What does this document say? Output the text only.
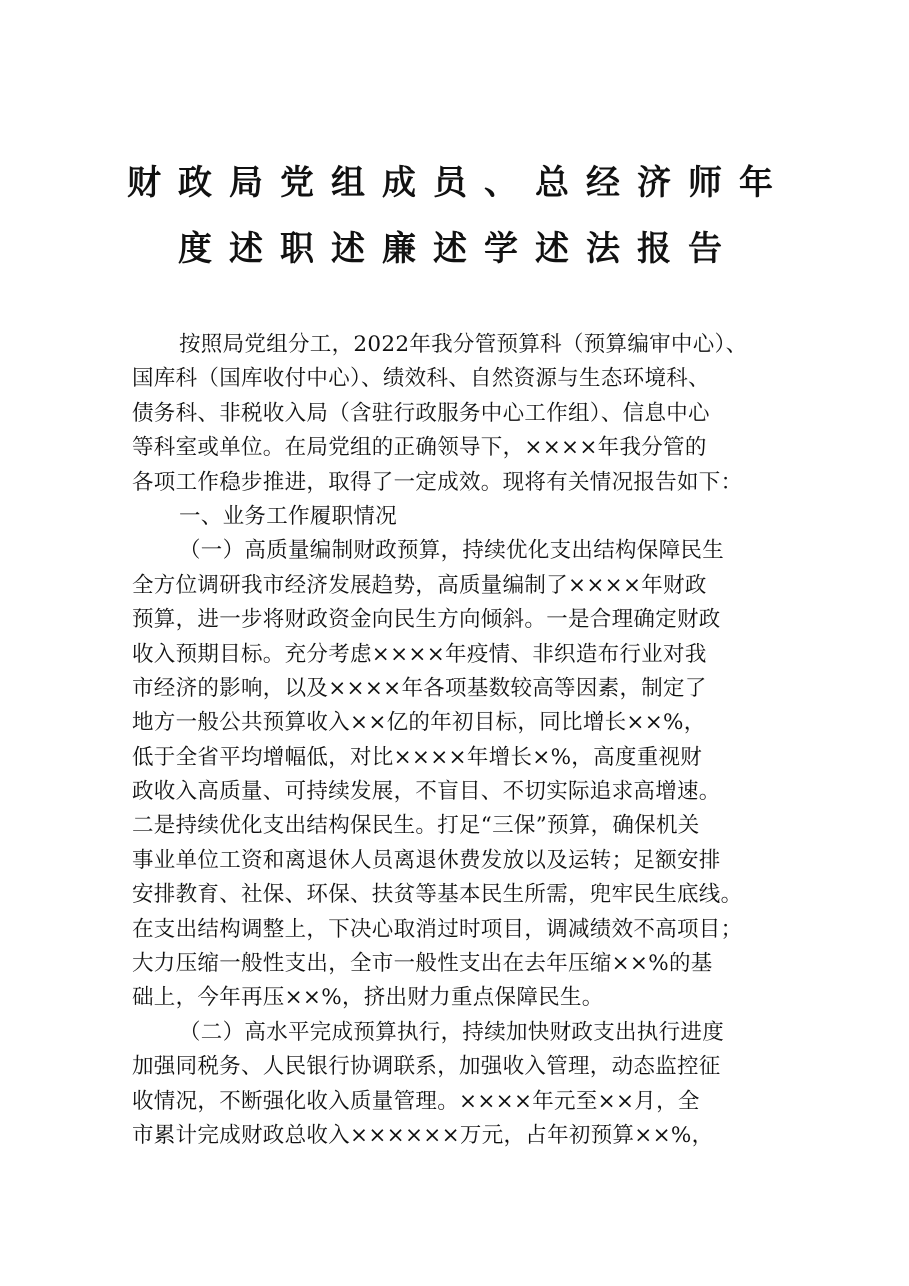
财政局党组成员、总经济师年
度述职述廉述学述法报告
按照局党组分工，2022年我分管预算科（预算编审中心）、
国库科（国库收付中心）、绩效科、自然资源与生态环境科、
债务科、非税收入局（含驻行政服务中心工作组）、信息中心
等科室或单位。在局党组的正确领导下，××××年我分管的
各项工作稳步推进，取得了一定成效。现将有关情况报告如下：
一、业务工作履职情况
（一）高质量编制财政预算，持续优化支出结构保障民生
全方位调研我市经济发展趋势，高质量编制了××××年财政
预算，进一步将财政资金向民生方向倾斜。一是合理确定财政
收入预期目标。充分考虑××××年疫情、非织造布行业对我
市经济的影响，以及××××年各项基数较高等因素，制定了
地方一般公共预算收入××亿的年初目标，同比增长××%，
低于全省平均增幅低，对比××××年增长×%，高度重视财
政收入高质量、可持续发展，不盲目、不切实际追求高增速。
二是持续优化支出结构保民生。打足“三保”预算，确保机关
事业单位工资和离退休人员离退休费发放以及运转；足额安排
安排教育、社保、环保、扶贫等基本民生所需，兜牢民生底线。
在支出结构调整上，下决心取消过时项目，调减绩效不高项目；
大力压缩一般性支出，全市一般性支出在去年压缩××%的基
础上，今年再压××%，挤出财力重点保障民生。
（二）高水平完成预算执行，持续加快财政支出执行进度
加强同税务、人民银行协调联系，加强收入管理，动态监控征
收情况，不断强化收入质量管理。××××年元至××月，全
市累计完成财政总收入××××××万元，占年初预算××%，
